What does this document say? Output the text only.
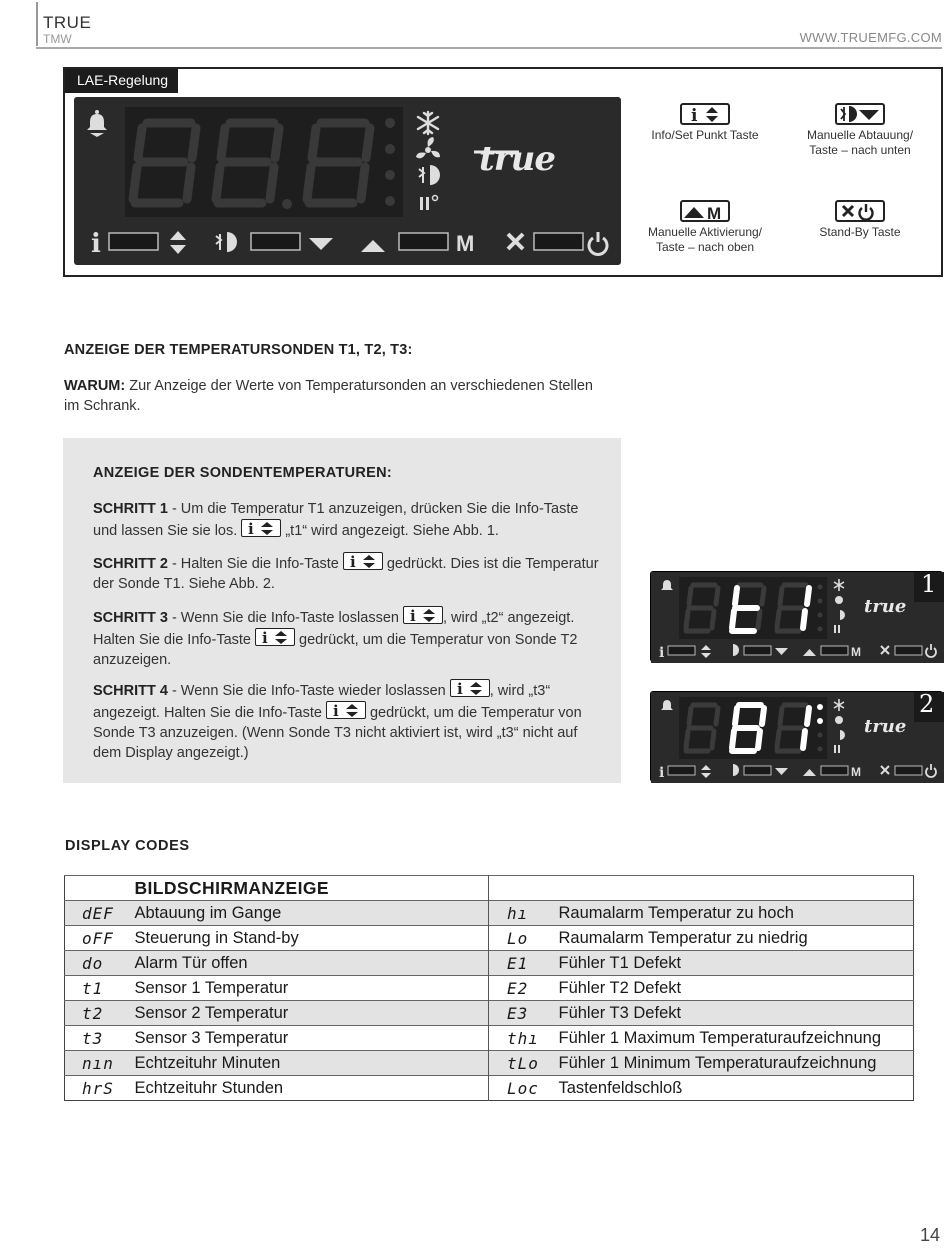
TRUE
TMW	WWW.TRUEMFG.COM
LAE-Regelung
true
i	M
i

Info/Set Punkt Taste	Manuelle Abtauung/
Taste – nach unten
M

Manuelle Aktivierung/
Taste – nach oben

Stand-By Taste
ANZEIGE DER TEMPERATURSONDEN T1, T2, T3:
WARUM: Zur Anzeige der Werte von Temperatursonden an verschiedenen Stellen im Schrank.
ANZEIGE DER SONDENTEMPERATUREN:
SCHRITT 1 - Um die Temperatur T1 anzuzeigen, drücken Sie die Info-Taste und lassen Sie sie los. i „t1“ wird angezeigt. Siehe Abb. 1.
SCHRITT 2 - Halten Sie die Info-Taste i gedrückt. Dies ist die Temperatur der Sonde T1. Siehe Abb. 2.
SCHRITT 3 - Wenn Sie die Info-Taste loslassen i , wird „t2“ angezeigt. Halten Sie die Info-Taste i gedrückt, um die Temperatur von Sonde T2 anzuzeigen.
SCHRITT 4 - Wenn Sie die Info-Taste wieder loslassen i , wird „t3“ angezeigt. Halten Sie die Info-Taste i gedrückt, um die Temperatur von Sonde T3 anzuzeigen. (Wenn Sonde T3 nicht aktiviert ist, wird „t3“ nicht auf dem Display angezeigt.)
true
i	M
1
true
i	M
2
DISPLAY CODES
	BILDSCHIRMANZEIGE		
dEF	Abtauung im Gange	hı	Raumalarm Temperatur zu hoch
oFF	Steuerung in Stand-by	Lo	Raumalarm Temperatur zu niedrig
do	Alarm Tür offen	E1	Fühler T1 Defekt
t1	Sensor 1 Temperatur	E2	Fühler T2 Defekt
t2	Sensor 2 Temperatur	E3	Fühler T3 Defekt
t3	Sensor 3 Temperatur	thı	Fühler 1 Maximum Temperaturaufzeichnung
nın	Echtzeituhr Minuten	tLo	Fühler 1 Minimum Temperaturaufzeichnung
hrS	Echtzeituhr Stunden	Loc	Tastenfeldschloß
14
